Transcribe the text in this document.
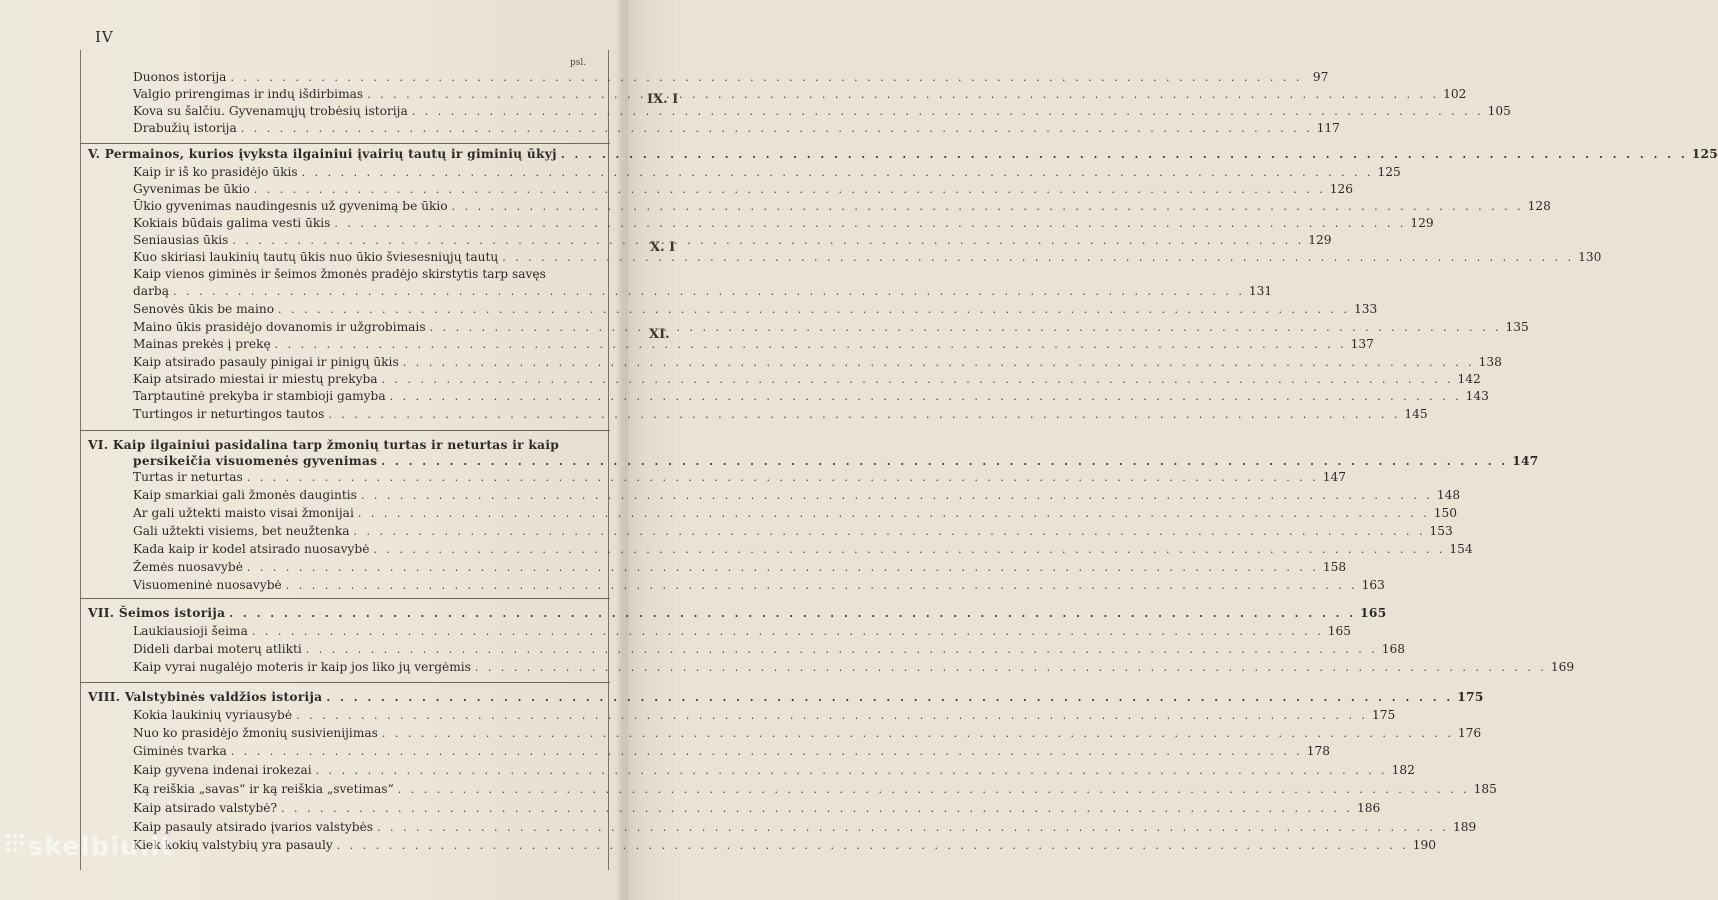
IX. I
X. I
XI.
IV
psl.
Duonos istorija . . .	97
Valgio prirengimas ir indų išdirbimas . . .	102
Kova su šalčiu. Gyvenamųjų trobėsių istorija . . .	105
Drabužių istorija . . .	117
V. Permainos, kurios įvyksta ilgainiui įvairių tautų ir giminių ūkyj . . .	125
Kaip ir iš ko prasidėjo ūkis . . .	125
Gyvenimas be ūkio . . .	126
Ūkio gyvenimas naudingesnis už gyvenimą be ūkio . . .	128
Kokiais būdais galima vesti ūkis . . .	129
Seniausias ūkis . . .	129
Kuo skiriasi laukinių tautų ūkis nuo ūkio šviesesniųjų tautų . . .	130
Kaip vienos giminės ir šeimos žmonės pradėjo skirstytis tarp savęs
darbą . . .	131
Senovės ūkis be maino . . .	133
Maino ūkis prasidėjo dovanomis ir užgrobimais . . .	135
Mainas prekės į prekę . . .	137
Kaip atsirado pasauly pinigai ir pinigų ūkis . . .	138
Kaip atsirado miestai ir miestų prekyba . . .	142
Tarptautinė prekyba ir stambioji gamyba . . .	143
Turtingos ir neturtingos tautos . . .	145
VI. Kaip ilgainiui pasidalina tarp žmonių turtas ir neturtas ir kaip
persikeičia visuomenės gyvenimas . . .	147
Turtas ir neturtas . . .	147
Kaip smarkiai gali žmonės daugintis . . .	148
Ar gali užtekti maisto visai žmonijai . . .	150
Gali užtekti visiems, bet neužtenka . . .	153
Kada kaip ir kodel atsirado nuosavybė . . .	154
Žemės nuosavybė . . .	158
Visuomeninė nuosavybė . . .	163
VII. Šeimos istorija . . .	165
Laukiausioji šeima . . .	165
Dideli darbai moterų atlikti . . .	168
Kaip vyrai nugalėjo moteris ir kaip jos liko jų vergėmis . . .	169
VIII. Valstybinės valdžios istorija . . .	175
Kokia laukinių vyriausybė . . .	175
Nuo ko prasidėjo žmonių susivienijimas . . .	176
Giminės tvarka . . .	178
Kaip gyvena indenai irokezai . . .	182
Ką reiškia „savas“ ir ką reiškia „svetimas“ . . .	185
Kaip atsirado valstybė? . . .	186
Kaip pasauly atsirado įvarios valstybės . . .	189
Kiek kokių valstybių yra pasauly . . .	190
skelbiu.lt
